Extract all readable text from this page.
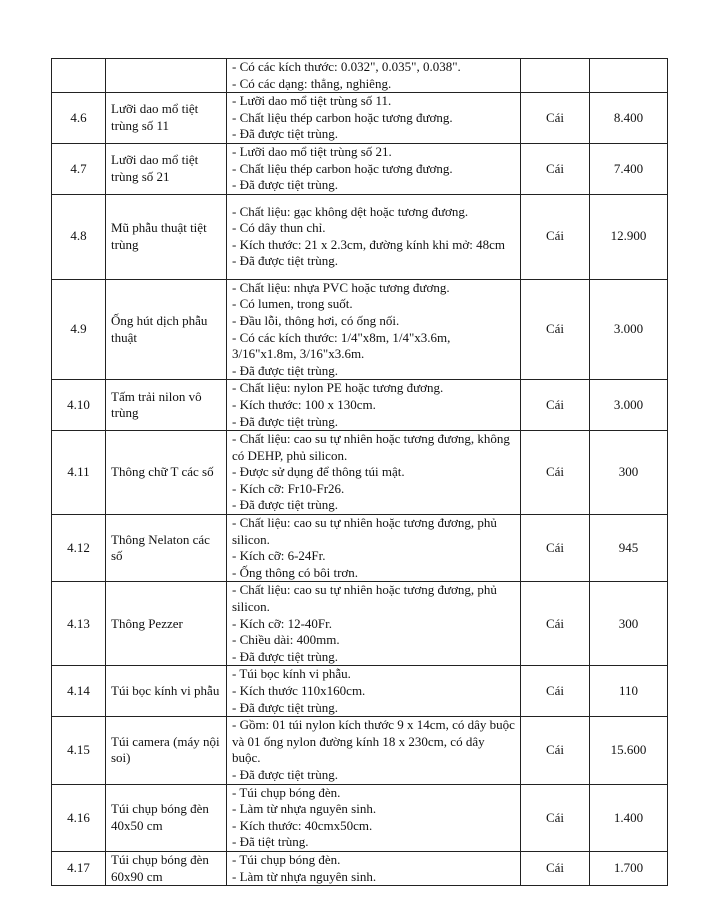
		- Có các kích thước: 0.032", 0.035", 0.038".
- Có các dạng: thẳng, nghiêng.		

4.6	Lưỡi dao mổ tiệt trùng số 11	- Lưỡi dao mổ tiệt trùng số 11.
- Chất liệu thép carbon hoặc tương đương.
- Đã được tiệt trùng.	Cái	8.400
4.7	Lưỡi dao mổ tiệt trùng số 21	- Lưỡi dao mổ tiệt trùng số 21.
- Chất liệu thép carbon hoặc tương đương.
- Đã được tiệt trùng.	Cái	7.400
4.8	Mũ phẫu thuật tiệt trùng	- Chất liệu: gạc không dệt hoặc tương đương.
- Có dây thun chỉ.
- Kích thước: 21 x 2.3cm, đường kính khi mở: 48cm
- Đã được tiệt trùng.	Cái	12.900
4.9	Ống hút dịch phẫu thuật	- Chất liệu: nhựa PVC hoặc tương đương.
- Có lumen, trong suốt.
- Đầu lỗi, thông hơi, có ống nối.
- Có các kích thước: 1/4"x8m, 1/4"x3.6m, 3/16"x1.8m, 3/16"x3.6m.
- Đã được tiệt trùng.	Cái	3.000
4.10	Tấm trải nilon vô trùng	- Chất liệu: nylon PE hoặc tương đương.
- Kích thước: 100 x 130cm.
- Đã được tiệt trùng.	Cái	3.000
4.11	Thông chữ T các số	- Chất liệu: cao su tự nhiên hoặc tương đương, không có DEHP, phủ silicon.
- Được sử dụng để thông túi mật.
- Kích cỡ: Fr10-Fr26.
- Đã được tiệt trùng.	Cái	300
4.12	Thông Nelaton các số	- Chất liệu: cao su tự nhiên hoặc tương đương, phủ silicon.
- Kích cỡ: 6-24Fr.
- Ống thông có bôi trơn.	Cái	945
4.13	Thông Pezzer	- Chất liệu: cao su tự nhiên hoặc tương đương, phủ silicon.
- Kích cỡ: 12-40Fr.
- Chiều dài: 400mm.
- Đã được tiệt trùng.	Cái	300
4.14	Túi bọc kính vi phẫu	- Túi bọc kính vi phẫu.
- Kích thước 110x160cm.
- Đã được tiệt trùng.	Cái	110
4.15	Túi camera (máy nội soi)	- Gồm: 01 túi nylon kích thước 9 x 14cm, có dây buộc và 01 ống nylon đường kính 18 x 230cm, có dây buộc.
- Đã được tiệt trùng.	Cái	15.600
4.16	Túi chụp bóng đèn 40x50 cm	- Túi chụp bóng đèn.
- Làm từ nhựa nguyên sinh.
- Kích thước: 40cmx50cm.
- Đã tiệt trùng.	Cái	1.400
4.17	Túi chụp bóng đèn 60x90 cm	- Túi chụp bóng đèn.
- Làm từ nhựa nguyên sinh.	Cái	1.700
